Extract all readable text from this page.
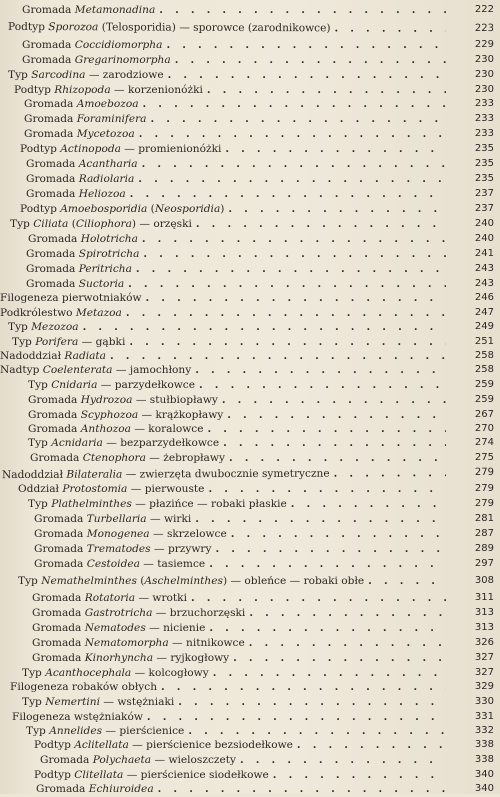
Gromada Metamonadina . . .	222
Podtyp Sporozoa (Telosporidia) — sporowce (zarodnikowce) . . .	223
Gromada Coccidiomorpha . . .	229
Gromada Gregarinomorpha . . .	230
Typ Sarcodina — zarodziowe . . .	230
Podtyp Rhizopoda — korzenionóżki . . .	230
Gromada Amoebozoa . . .	233
Gromada Foraminifera . . .	233
Gromada Mycetozoa . . .	233
Podtyp Actinopoda — promienionóżki . . .	235
Gromada Acantharia . . .	235
Gromada Radiolaria . . .	235
Gromada Heliozoa . . .	237
Podtyp Amoebosporidia (Neosporidia) . . .	237
Typ Ciliata (Ciliophora) — orzęski . . .	240
Gromada Holotricha . . .	240
Gromada Spirotricha . . .	241
Gromada Peritricha . . .	243
Gromada Suctoria . . .	243
Filogeneza pierwotniaków . . .	246
Podkrólestwo Metazoa . . .	247
Typ Mezozoa . . .	249
Typ Porifera — gąbki . . .	251
Nadoddział Radiata . . .	258
Nadtyp Coelenterata — jamochłony . . .	258
Typ Cnidaria — parzydełkowce . . .	259
Gromada Hydrozoa — stułbiopławy . . .	259
Gromada Scyphozoa — krążkopławy . . .	267
Gromada Anthozoa — koralowce . . .	270
Typ Acnidaria — bezparzydełkowce . . .	274
Gromada Ctenophora — żebropławy . . .	275
Nadoddział Bilateralia — zwierzęta dwubocznie symetryczne . . .	279
Oddział Protostomia — pierwouste . . .	279
Typ Plathelminthes — płazińce — robaki płaskie . . .	279
Gromada Turbellaria — wirki . . .	281
Gromada Monogenea — skrzelowce . . .	287
Gromada Trematodes — przywry . . .	289
Gromada Cestoidea — tasiemce . . .	297
Typ Nemathelminthes (Aschelminthes) — obleńce — robaki obłe . . .	308
Gromada Rotatoria — wrotki . . .	311
Gromada Gastrotricha — brzuchorzęski . . .	313
Gromada Nematodes — nicienie . . .	313
Gromada Nematomorpha — nitnikowce . . .	326
Gromada Kinorhyncha — ryjkogłowy . . .	327
Typ Acanthocephala — kolcogłowy . . .	327
Filogeneza robaków obłych . . .	329
Typ Nemertini — wstężniaki . . .	330
Filogeneza wstężniaków . . .	331
Typ Annelides — pierścienice . . .	332
Podtyp Aclitellata — pierścienice bezsiodełkowe . . .	338
Gromada Polychaeta — wieloszczety . . .	338
Podtyp Clitellata — pierścienice siodełkowe . . .	340
Gromada Echiuroidea . . .	340
